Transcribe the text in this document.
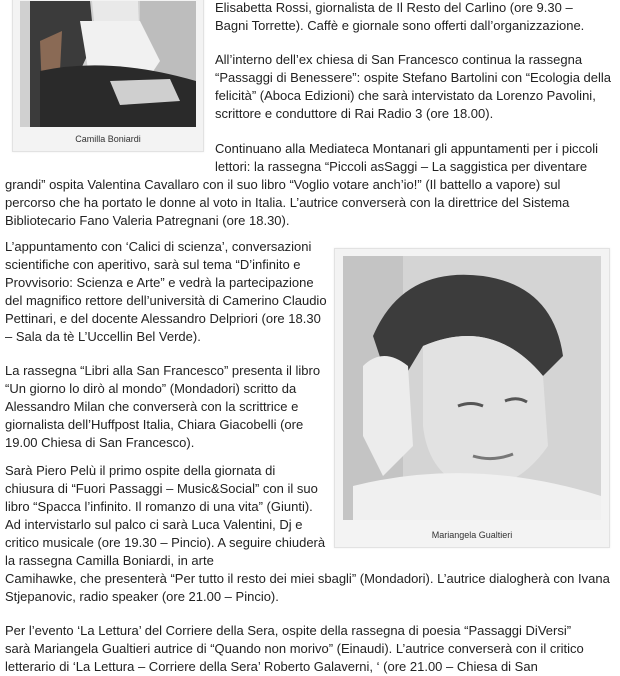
Camilla Boniardi

Elisabetta Rossi, giornalista de Il Resto del Carlino (ore 9.30 –

Bagni Torrette). Caffè e giornale sono offerti dall’organizzazione.

All’interno dell’ex chiesa di San Francesco continua la rassegna “Passaggi di Benessere”: ospite Stefano Bartolini con “Ecologia della felicità” (Aboca Edizioni) che sarà intervistato da Lorenzo Pavolini, scrittore e conduttore di Rai Radio 3 (ore 18.00).

Continuano alla Mediateca Montanari gli appuntamenti per i piccoli lettori: la rassegna “Piccoli asSaggi – La saggistica per diventare

grandi” ospita Valentina Cavallaro con il suo libro “Voglio votare anch’io!” (Il battello a vapore) sul percorso che ha portato le donne al voto in Italia. L’autrice converserà con la direttrice del Sistema Bibliotecario Fano Valeria Patregnani (ore 18.30).

Mariangela Gualtieri

L’appuntamento con ‘Calici di scienza’, conversazioni scientifiche con aperitivo, sarà sul tema “D’infinito e Provvisorio: Scienza e Arte” e vedrà la partecipazione del magnifico rettore dell’università di Camerino Claudio Pettinari, e del docente Alessandro Delpriori (ore 18.30 – Sala da tè L’Uccellin Bel Verde).

La rassegna “Libri alla San Francesco” presenta il libro “Un giorno lo dirò al mondo” (Mondadori) scritto da Alessandro Milan che converserà con la scrittrice e giornalista dell’Huffpost Italia, Chiara Giacobelli (ore 19.00 Chiesa di San Francesco).

Sarà Piero Pelù il primo ospite della giornata di chiusura di “Fuori Passaggi – Music&Social” con il suo libro “Spacca l’infinito. Il romanzo di una vita” (Giunti). Ad intervistarlo sul palco ci sarà Luca Valentini, Dj e critico musicale (ore 19.30 – Pincio). A seguire chiuderà la rassegna Camilla Boniardi, in arte

Camihawke, che presenterà “Per tutto il resto dei miei sbagli” (Mondadori). L’autrice dialogherà con Ivana Stjepanovic, radio speaker (ore 21.00 – Pincio).

Per l’evento ‘La Lettura’ del Corriere della Sera, ospite della rassegna di poesia “Passaggi DiVersi”

sarà Mariangela Gualtieri autrice di “Quando non morivo” (Einaudi). L’autrice converserà con il critico

letterario di ‘La Lettura – Corriere della Sera’ Roberto Galaverni, ‘ (ore 21.00 – Chiesa di San
